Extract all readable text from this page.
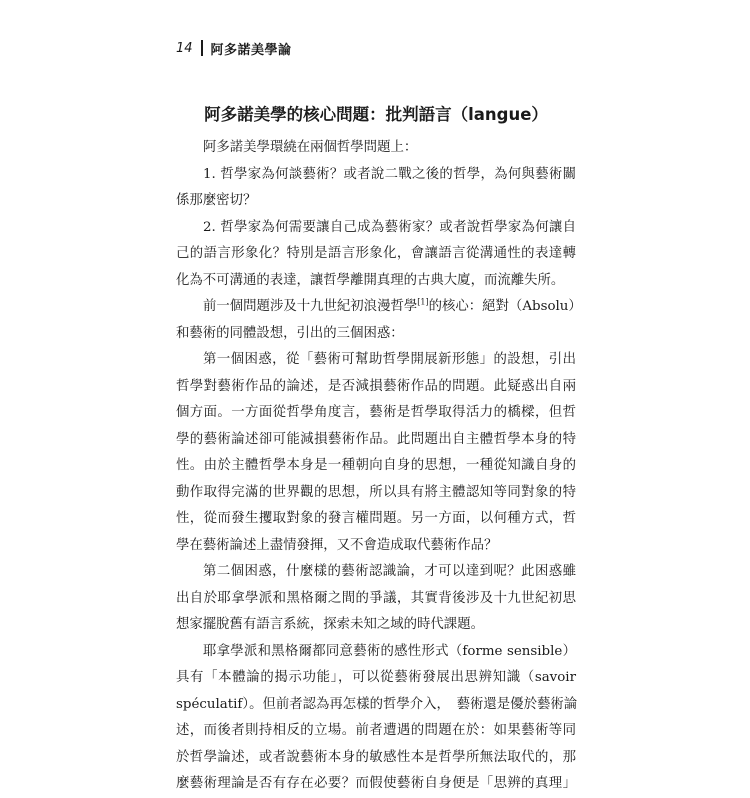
14 阿多諾美學論
阿多諾美學的核心問題：批判語言（langue）
阿多諾美學環繞在兩個哲學問題上：
1. 哲學家為何談藝術？或者說二戰之後的哲學，為何與藝術關
係那麼密切？
2. 哲學家為何需要讓自己成為藝術家？或者說哲學家為何讓自
己的語言形象化？特別是語言形象化，會讓語言從溝通性的表達轉
化為不可溝通的表達，讓哲學離開真理的古典大廈，而流離失所。
前一個問題涉及十九世紀初浪漫哲學[1]的核心：絕對（Absolu）
和藝術的同體設想，引出的三個困惑：
第一個困惑，從「藝術可幫助哲學開展新形態」的設想，引出
哲學對藝術作品的論述，是否減損藝術作品的問題。此疑惑出自兩
個方面。一方面從哲學角度言，藝術是哲學取得活力的橋樑，但哲
學的藝術論述卻可能減損藝術作品。此問題出自主體哲學本身的特
性。由於主體哲學本身是一種朝向自身的思想，一種從知識自身的
動作取得完滿的世界觀的思想，所以具有將主體認知等同對象的特
性，從而發生攫取對象的發言權問題。另一方面，以何種方式，哲
學在藝術論述上盡情發揮，又不會造成取代藝術作品？
第二個困惑，什麼樣的藝術認識論，才可以達到呢？此困惑雖
出自於耶拿學派和黑格爾之間的爭議，其實背後涉及十九世紀初思
想家擺脫舊有語言系統，探索未知之域的時代課題。
耶拿學派和黑格爾都同意藝術的感性形式（forme sensible）
具有「本體論的揭示功能」，可以從藝術發展出思辨知識（savoir
spéculatif）。但前者認為再怎樣的哲學介入，　藝術還是優於藝術論
述，而後者則持相反的立場。前者遭遇的問題在於：如果藝術等同
於哲學論述，或者說藝術本身的敏感性本是哲學所無法取代的，那
麼藝術理論是否有存在必要？而假使藝術自身便是「思辨的真理」
